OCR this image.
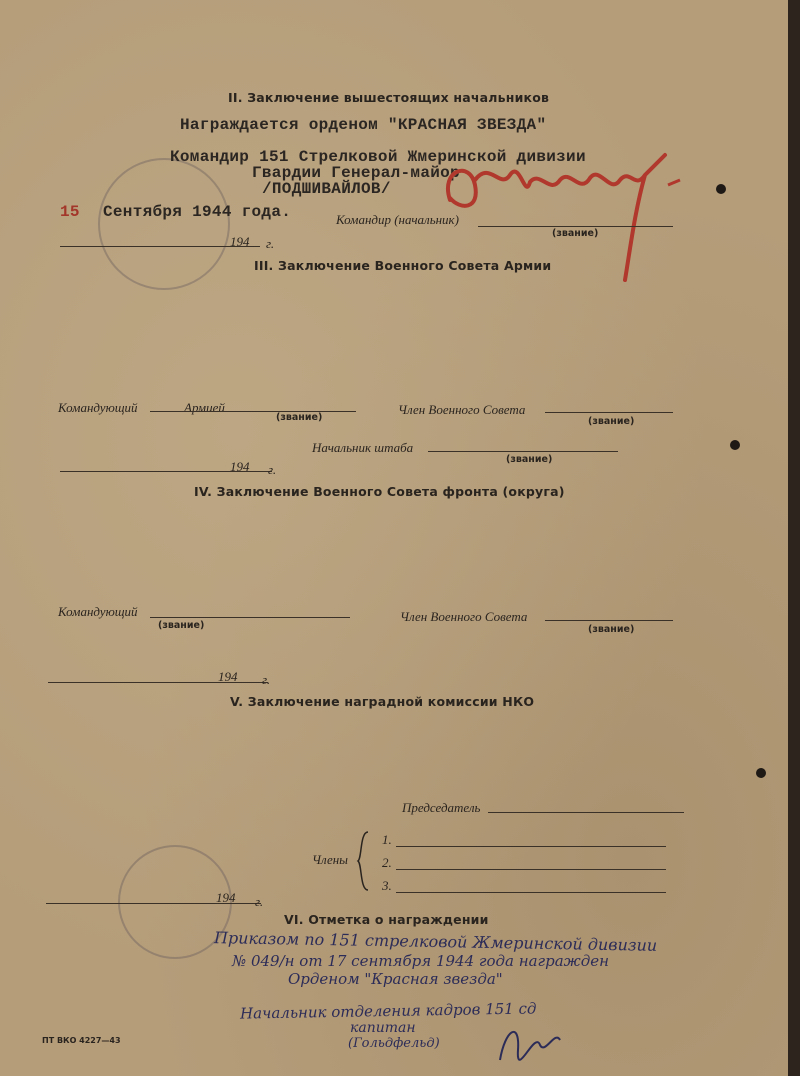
II. Заключение вышестоящих начальников
Награждается орденом "КРАСНАЯ ЗВЕЗДА"
Командир 151 Стрелковой Жмеринской дивизии
Гвардии Генерал-майор
/ПОДШИВАЙЛОВ/
15 Сентября 1944 года.	Командир (начальник)
(звание)
194 г.
III. Заключение Военного Совета Армии
Командующий	Армией
(звание)
Член Военного Совета
(звание)
Начальник штаба
(звание)
194 г.
IV. Заключение Военного Совета фронта (округа)
Командующий
(звание)
Член Военного Совета
(звание)
194 г.
V. Заключение наградной комиссии НКО
Председатель
Члены
1.
2.
3.
194 г.
VI. Отметка о награждении
Приказом по 151 стрелковой Жмеринской дивизии
№ 049/н от 17 сентября 1944 года награжден
Орденом "Красная звезда"
Начальник отделения кадров 151 сд
капитан
(Гольдфельд)
ПТ ВКО 4227—43
